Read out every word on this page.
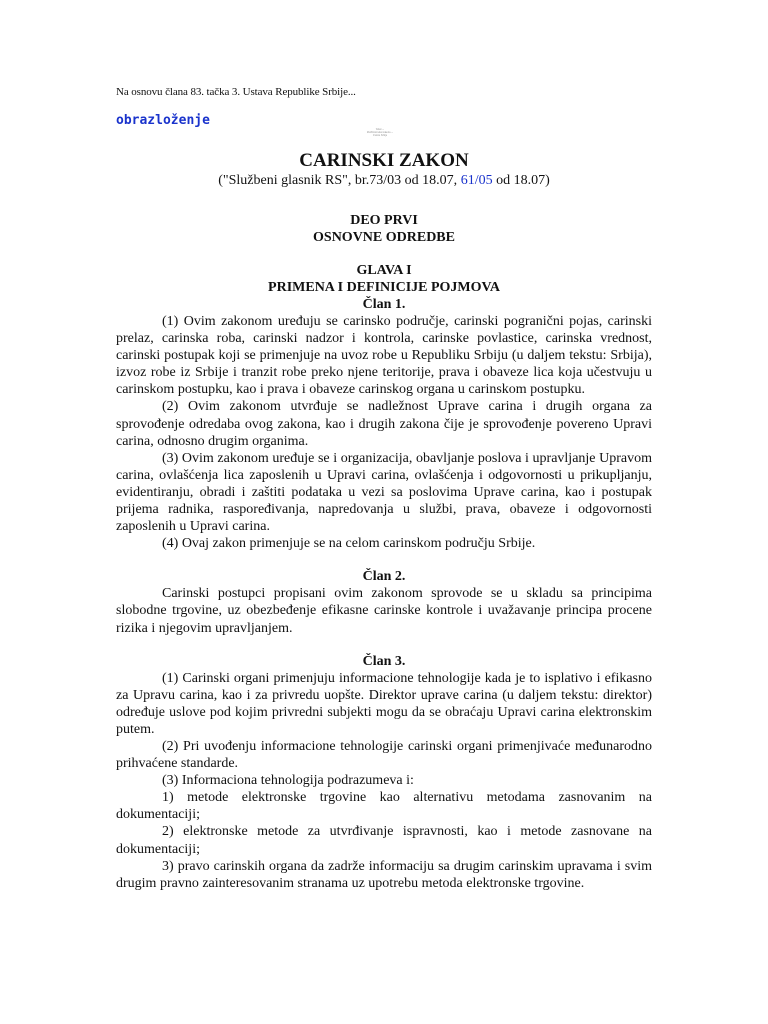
Na osnovu člana 83. tačka 3. Ustava Republike Srbije...
obrazloženje
Tekst ...
Prečišćen tekst zakona ...
Ustava Srbije
CARINSKI ZAKON
("Službeni glasnik RS", br.73/03 od 18.07, 61/05 od 18.07)
DEO PRVI
OSNOVNE ODREDBE
GLAVA I
PRIMENA I DEFINICIJE POJMOVA
Član 1.

(1) Ovim zakonom uređuju se carinsko područje, carinski pogranični pojas, carinski prelaz, carinska roba, carinski nadzor i kontrola, carinske povlastice, carinska vrednost, carinski postupak koji se primenjuje na uvoz robe u Republiku Srbiju (u daljem tekstu: Srbija), izvoz robe iz Srbije i tranzit robe preko njene teritorije, prava i obaveze lica koja učestvuju u carinskom postupku, kao i prava i obaveze carinskog organa u carinskom postupku.

(2) Ovim zakonom utvrđuje se nadležnost Uprave carina i drugih organa za sprovođenje odredaba ovog zakona, kao i drugih zakona čije je sprovođenje povereno Upravi carina, odnosno drugim organima.

(3) Ovim zakonom uređuje se i organizacija, obavljanje poslova i upravljanje Upravom carina, ovlašćenja lica zaposlenih u Upravi carina, ovlašćenja i odgovornosti u prikupljanju, evidentiranju, obradi i zaštiti podataka u vezi sa poslovima Uprave carina, kao i postupak prijema radnika, raspoređivanja, napredovanja u službi, prava, obaveze i odgovornosti zaposlenih u Upravi carina.

(4) Ovaj zakon primenjuje se na celom carinskom području Srbije.

Član 2.

Carinski postupci propisani ovim zakonom sprovode se u skladu sa principima slobodne trgovine, uz obezbeđenje efikasne carinske kontrole i uvažavanje principa procene rizika i njegovim upravljanjem.

Član 3.

(1) Carinski organi primenjuju informacione tehnologije kada je to isplativo i efikasno za Upravu carina, kao i za privredu uopšte. Direktor uprave carina (u daljem tekstu: direktor) određuje uslove pod kojim privredni subjekti mogu da se obraćaju Upravi carina elektronskim putem.

(2) Pri uvođenju informacione tehnologije carinski organi primenjivaće međunarodno prihvaćene standarde.

(3) Informaciona tehnologija podrazumeva i:

1) metode elektronske trgovine kao alternativu metodama zasnovanim na dokumentaciji;

2) elektronske metode za utvrđivanje ispravnosti, kao i metode zasnovane na dokumentaciji;

3) pravo carinskih organa da zadrže informaciju sa drugim carinskim upravama i svim drugim pravno zainteresovanim stranama uz upotrebu metoda elektronske trgovine.
